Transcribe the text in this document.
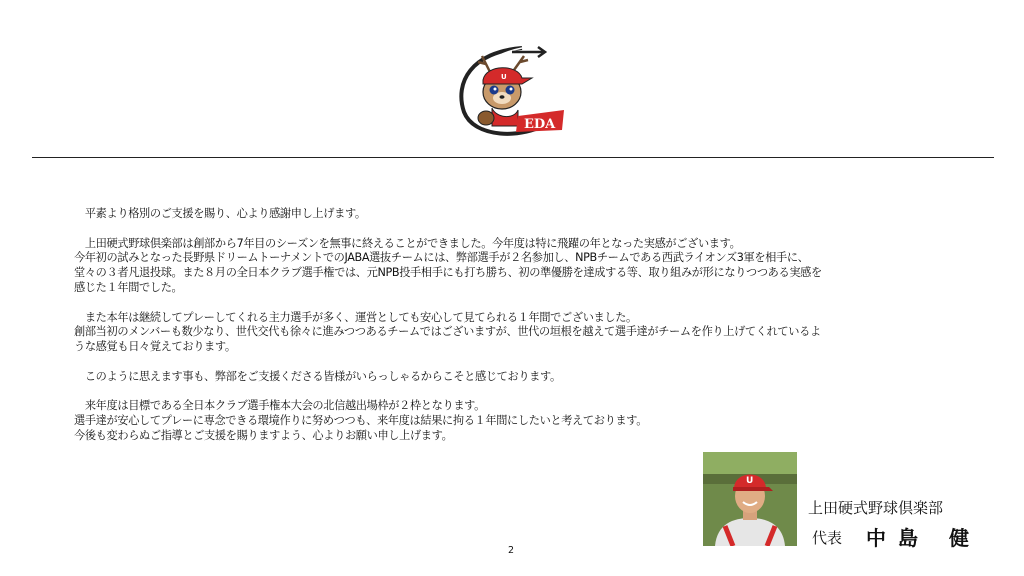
U
EDA
　平素より格別のご支援を賜り、心より感謝申し上げます。
　上田硬式野球倶楽部は創部から7年目のシーズンを無事に終えることができました。今年度は特に飛躍の年となった実感がございます。
今年初の試みとなった長野県ドリームトーナメントでのJABA選抜チームには、弊部選手が２名参加し、NPBチームである西武ライオンズ3軍を相手に、
堂々の３者凡退投球。また８月の全日本クラブ選手権では、元NPB投手相手にも打ち勝ち、初の準優勝を達成する等、取り組みが形になりつつある実感を
感じた１年間でした。
　また本年は継続してプレーしてくれる主力選手が多く、運営としても安心して見てられる１年間でございました。
創部当初のメンバーも数少なり、世代交代も徐々に進みつつあるチームではございますが、世代の垣根を越えて選手達がチームを作り上げてくれているよ
うな感覚も日々覚えております。
　このように思えます事も、弊部をご支援くださる皆様がいらっしゃるからこそと感じております。
　来年度は目標である全日本クラブ選手権本大会の北信越出場枠が２枠となります。
選手達が安心してプレーに専念できる環境作りに努めつつも、来年度は結果に拘る１年間にしたいと考えております。
今後も変わらぬご指導とご支援を賜りますよう、心よりお願い申し上げます。
U
上田硬式野球倶楽部
代表 中島 健
2
